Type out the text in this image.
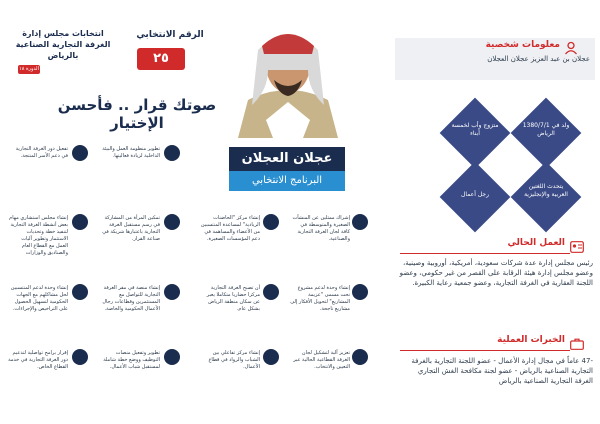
انتخابات مجلس إدارة
الغرفة التجارية الصناعية
بالرياض
الدورة ١٨
الرقم الانتخابي
٢٥
صوتك قرار .. فأحسن الإختيار
عجلان العجلان
البرنامج الانتخابي
معلومات شخصية
عجلان بن عبد العزيز عجلان العجلان
ولد في 1380/7/1 الرياض
متزوج وأب لخمسة أبناء
يتحدث اللغتين العربية والإنجليزية
رجل أعمال
تفعيل دور الغرفة التجارية في دعم الأسر المنتجة.
تطوير منظومة العمل والبيئة الداخلية لزيادة فعاليتها.
إنشاء مجلس استشاري مهام بعض أنشطة الغرفة التجارية لتنفيذ خطة وتحديات الاستثمار وتطوير آليات العمل مع القطاع العام والصناديق والوزارات
تمكين المرأة من المشاركة في رسم مستقبل الغرفة التجارية باعتبارها شريكة في صناعة القرار.
إنشاء مركز "الحاضنات الريادية" لمساعدة المنتسبين من الأعضاء والمساهمة في دعم المؤسسات الصغيرة.
إشراك ممثلين عن المنشآت الصغيرة والمتوسطة في كافة لجان الغرفة التجارية والصناعية.
إنشاء وحدة لدعم المنتسبين لحل مشاكلهم مع الجهات الحكومية لتسهيل الحصول على التراخيص والإجراءات.
إنشاء منصة في مقر الغرفة التجارية للتواصل مع المستثمرين وقطاعات رجال الأعمال الحكومية والخاصة.
أن تصبح الغرفة التجارية مركزا حضاريا متكاملا يعبر عن سكان منطقة الرياض بشكل عام.
إنشاء وحدة لدعم مشروع تحت مسمى "عزيمة المشاريع" لتحويل الأفكار إلى مشاريع ناجحة.
إقرار برامج تواصلية لتدعيم دور الغرفة التجارية في خدمة القطاع الخاص.
تطوير وتفعيل منصات التوظيف ووضع خطة شاملة لمستقبل شباب الأعمال.
إنشاء مركز تفاعلي بين الشباب والرواد في قطاع الأعمال.
تعزيز آلية لتشكيل لجان الغرفة القطاعية الحالية عبر التعيين والانتخاب.
العمل الحالي
رئيس مجلس إدارة عدة شركات سعودية، أمريكية، أوروبية وصينية، وعضو مجلس إدارة هيئة الرقابة على القصر من غير حكومي، وعضو اللجنة العقارية في الغرفة التجارية، وعضو جمعية رعاية الكبيرة.
الخبرات العملية
-47 عاماً في مجال إدارة الأعمال - عضو اللجنة التجارية بالغرفة التجارية الصناعية بالرياض - عضو لجنة مكافحة الغش التجاري الغرفة التجارية الصناعية بالرياض
